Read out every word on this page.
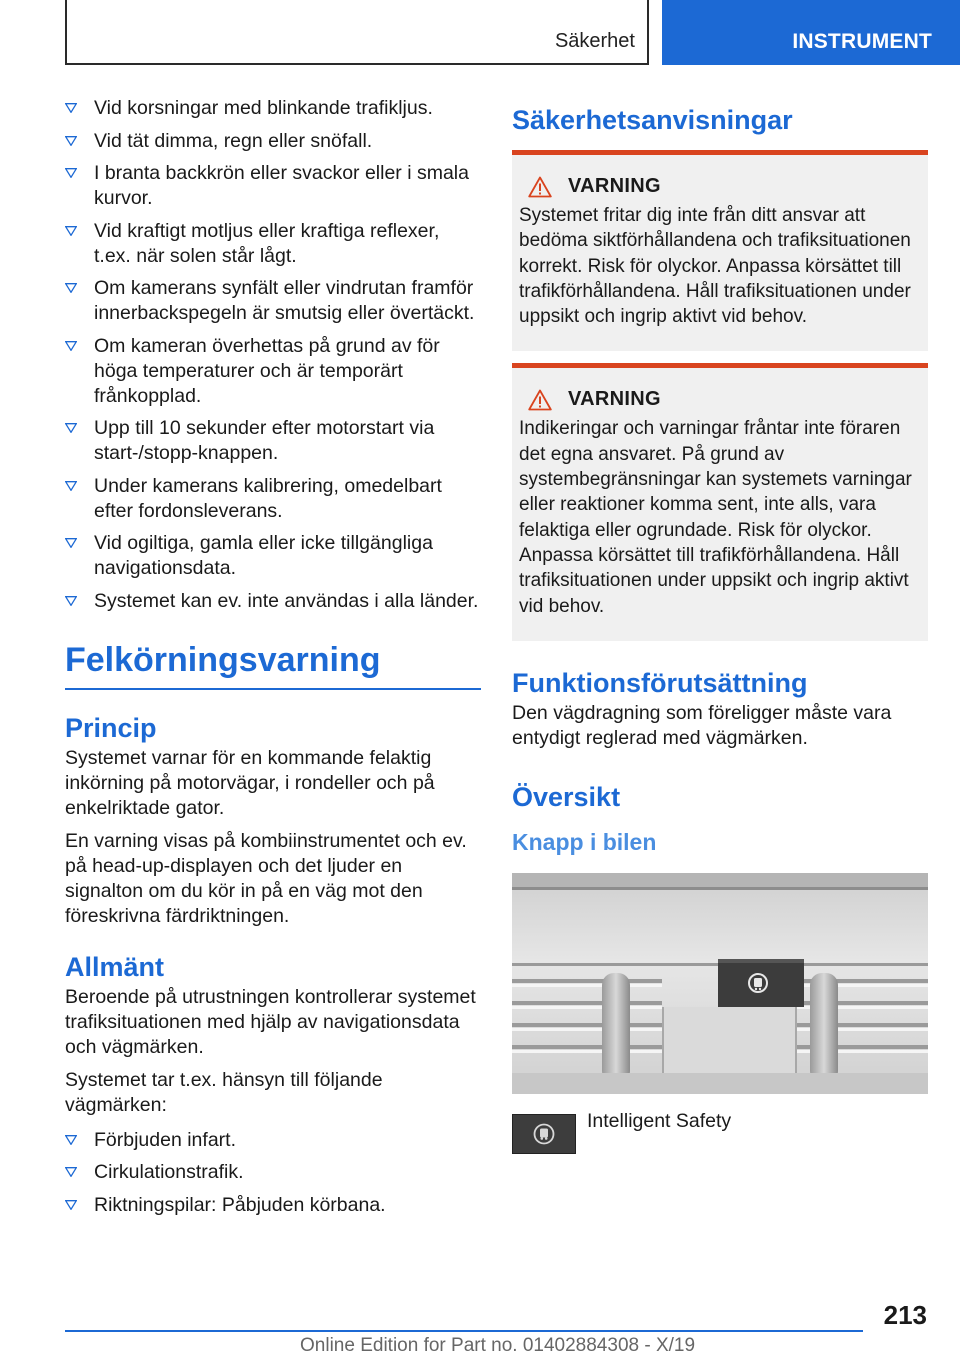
Säkerhet	INSTRUMENT
Vid korsningar med blinkande trafikljus.
Vid tät dimma, regn eller snöfall.
I branta backkrön eller svackor eller i smala kurvor.
Vid kraftigt motljus eller kraftiga reflexer, t.ex. när solen står lågt.
Om kamerans synfält eller vindrutan framför innerbackspegeln är smutsig eller övertäckt.
Om kameran överhettas på grund av för höga temperaturer och är temporärt frånkopplad.
Upp till 10 sekunder efter motorstart via start-/stopp-knappen.
Under kamerans kalibrering, omedelbart efter fordonsleverans.
Vid ogiltiga, gamla eller icke tillgängliga navigationsdata.
Systemet kan ev. inte användas i alla länder.
Felkörningsvarning
Princip

Systemet varnar för en kommande felaktig inkörning på motorvägar, i rondeller och på enkelriktade gator.

En varning visas på kombiinstrumentet och ev. på head-up-displayen och det ljuder en signalton om du kör in på en väg mot den föreskrivna färdriktningen.

Allmänt

Beroende på utrustningen kontrollerar systemet trafiksituationen med hjälp av navigationsdata och vägmärken.

Systemet tar t.ex. hänsyn till följande vägmärken:

Förbjuden infart.
Cirkulationstrafik.
Riktningspilar: Påbjuden körbana.
Säkerhetsanvisningar
VARNING

Systemet fritar dig inte från ditt ansvar att bedöma siktförhållandena och trafiksituationen korrekt. Risk för olyckor. Anpassa körsättet till trafikförhållandena. Håll trafiksituationen under uppsikt och ingrip aktivt vid behov.

VARNING

Indikeringar och varningar fråntar inte föraren det egna ansvaret. På grund av systembegränsningar kan systemets varningar eller reaktioner komma sent, inte alls, vara felaktiga eller ogrundade. Risk för olyckor. Anpassa körsättet till trafikförhållandena. Håll trafiksituationen under uppsikt och ingrip aktivt vid behov.

Funktionsförutsättning

Den vägdragning som föreligger måste vara entydigt reglerad med vägmärken.

Översikt
Knapp i bilen
Intelligent Safety
213
Online Edition for Part no. 01402884308 - X/19
